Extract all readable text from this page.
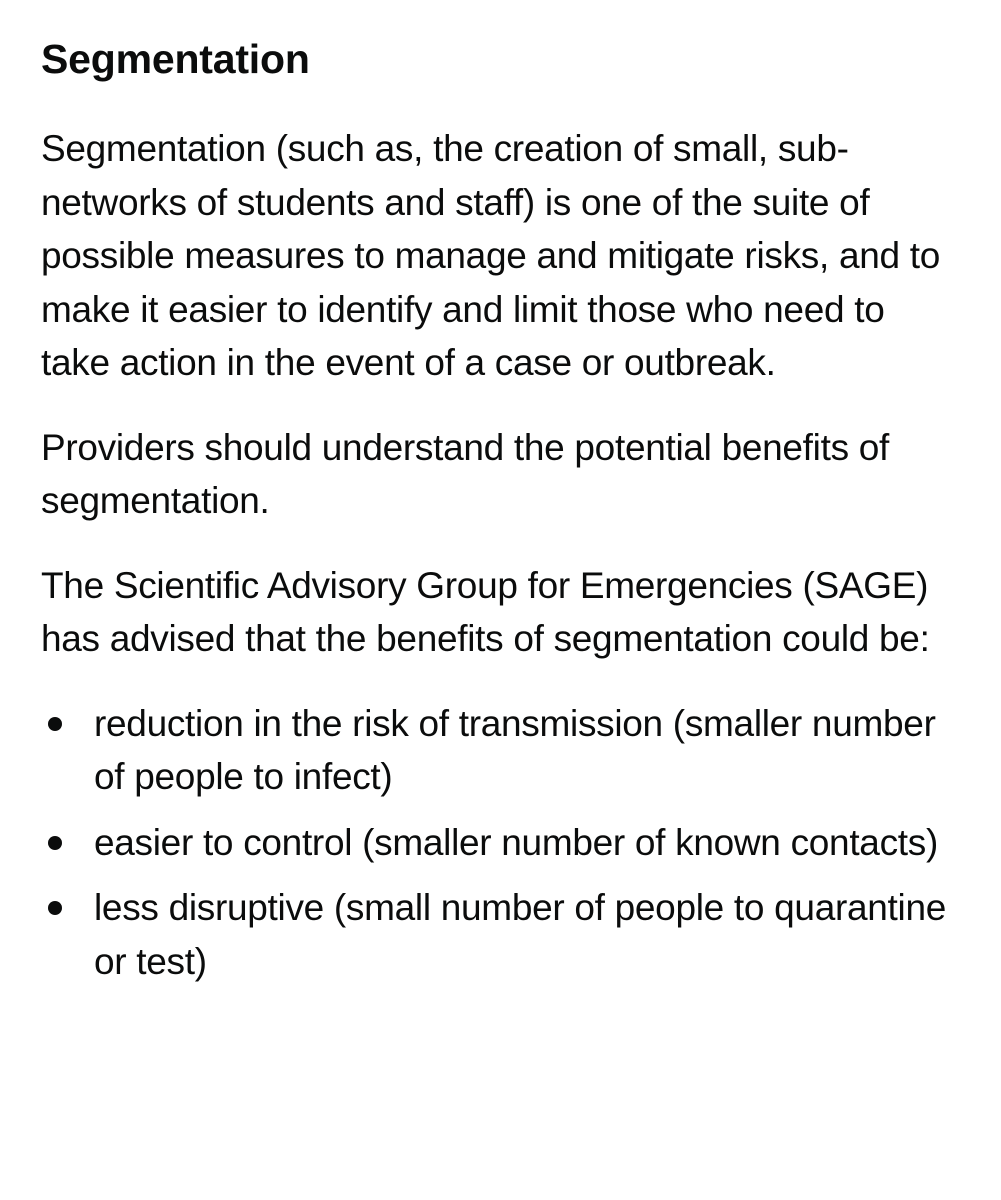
Segmentation

Segmentation (such as, the creation of small, sub-networks of students and staff) is one of the suite of possible measures to manage and mitigate risks, and to make it easier to identify and limit those who need to take action in the event of a case or outbreak.

Providers should understand the potential benefits of segmentation.

The Scientific Advisory Group for Emergencies (SAGE) has advised that the benefits of segmentation could be:

reduction in the risk of transmission (smaller number of people to infect)
easier to control (smaller number of known contacts)
less disruptive (small number of people to quarantine or test)
